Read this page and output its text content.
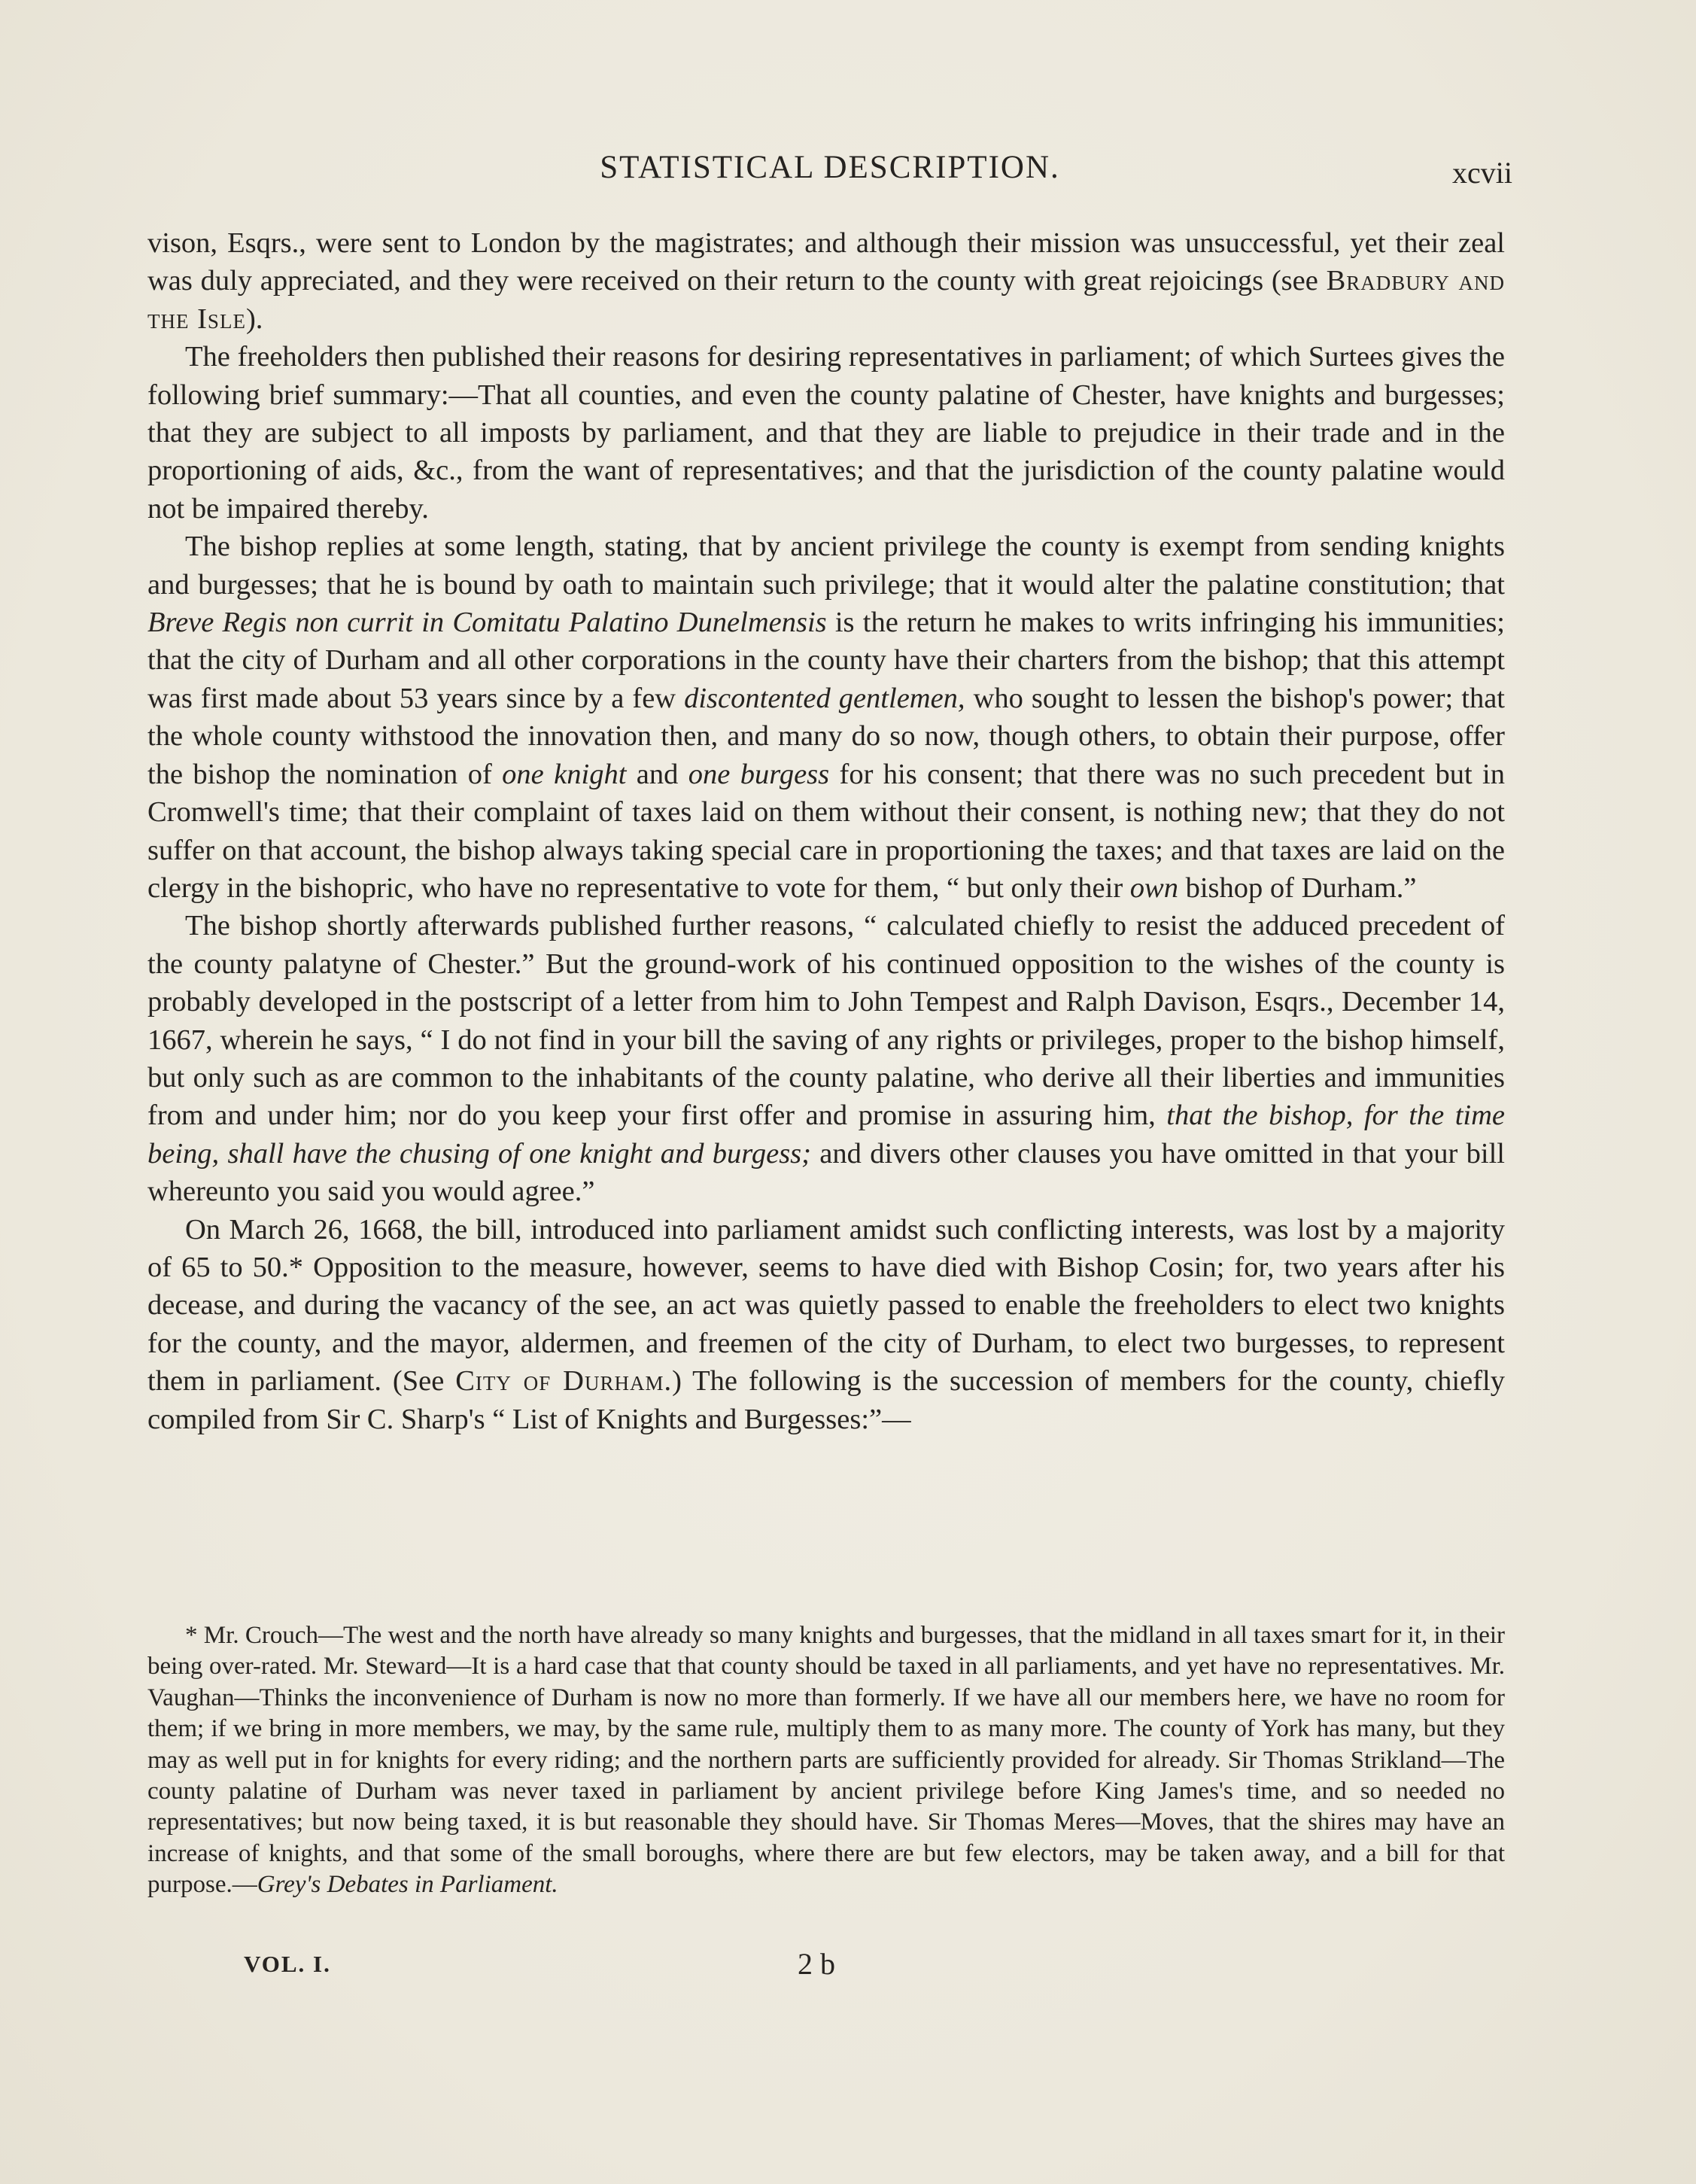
STATISTICAL DESCRIPTION.	xcvii

vison, Esqrs., were sent to London by the magistrates; and although their mission was unsuccessful, yet their zeal was duly appreciated, and they were received on their return to the county with great rejoicings (see Bradbury and the Isle).

The freeholders then published their reasons for desiring representatives in parliament; of which Surtees gives the following brief summary:—That all counties, and even the county palatine of Chester, have knights and burgesses; that they are subject to all imposts by parliament, and that they are liable to prejudice in their trade and in the proportioning of aids, &c., from the want of representatives; and that the jurisdiction of the county palatine would not be impaired thereby.

The bishop replies at some length, stating, that by ancient privilege the county is exempt from sending knights and burgesses; that he is bound by oath to maintain such privilege; that it would alter the palatine constitution; that Breve Regis non currit in Comitatu Palatino Dunelmensis is the return he makes to writs infringing his immunities; that the city of Durham and all other corporations in the county have their charters from the bishop; that this attempt was first made about 53 years since by a few discontented gentlemen, who sought to lessen the bishop's power; that the whole county withstood the innovation then, and many do so now, though others, to obtain their purpose, offer the bishop the nomination of one knight and one burgess for his consent; that there was no such precedent but in Cromwell's time; that their complaint of taxes laid on them without their consent, is nothing new; that they do not suffer on that account, the bishop always taking special care in proportioning the taxes; and that taxes are laid on the clergy in the bishopric, who have no representative to vote for them, “ but only their own bishop of Durham.”

The bishop shortly afterwards published further reasons, “ calculated chiefly to resist the adduced precedent of the county palatyne of Chester.” But the ground-work of his continued opposition to the wishes of the county is probably developed in the postscript of a letter from him to John Tempest and Ralph Davison, Esqrs., December 14, 1667, wherein he says, “ I do not find in your bill the saving of any rights or privileges, proper to the bishop himself, but only such as are common to the inhabitants of the county palatine, who derive all their liberties and immunities from and under him; nor do you keep your first offer and promise in assuring him, that the bishop, for the time being, shall have the chusing of one knight and burgess; and divers other clauses you have omitted in that your bill whereunto you said you would agree.”

On March 26, 1668, the bill, introduced into parliament amidst such conflicting interests, was lost by a majority of 65 to 50.* Opposition to the measure, however, seems to have died with Bishop Cosin; for, two years after his decease, and during the vacancy of the see, an act was quietly passed to enable the freeholders to elect two knights for the county, and the mayor, aldermen, and freemen of the city of Durham, to elect two burgesses, to represent them in parliament. (See City of Durham.) The following is the succession of members for the county, chiefly compiled from Sir C. Sharp's “ List of Knights and Burgesses:”—

* Mr. Crouch—The west and the north have already so many knights and burgesses, that the midland in all taxes smart for it, in their being over-rated. Mr. Steward—It is a hard case that that county should be taxed in all parliaments, and yet have no representatives. Mr. Vaughan—Thinks the inconvenience of Durham is now no more than formerly. If we have all our members here, we have no room for them; if we bring in more members, we may, by the same rule, multiply them to as many more. The county of York has many, but they may as well put in for knights for every riding; and the northern parts are sufficiently provided for already. Sir Thomas Strikland—The county palatine of Durham was never taxed in parliament by ancient privilege before King James's time, and so needed no representatives; but now being taxed, it is but reasonable they should have. Sir Thomas Meres—Moves, that the shires may have an increase of knights, and that some of the small boroughs, where there are but few electors, may be taken away, and a bill for that purpose.—Grey's Debates in Parliament.

VOL. I.	2 b
